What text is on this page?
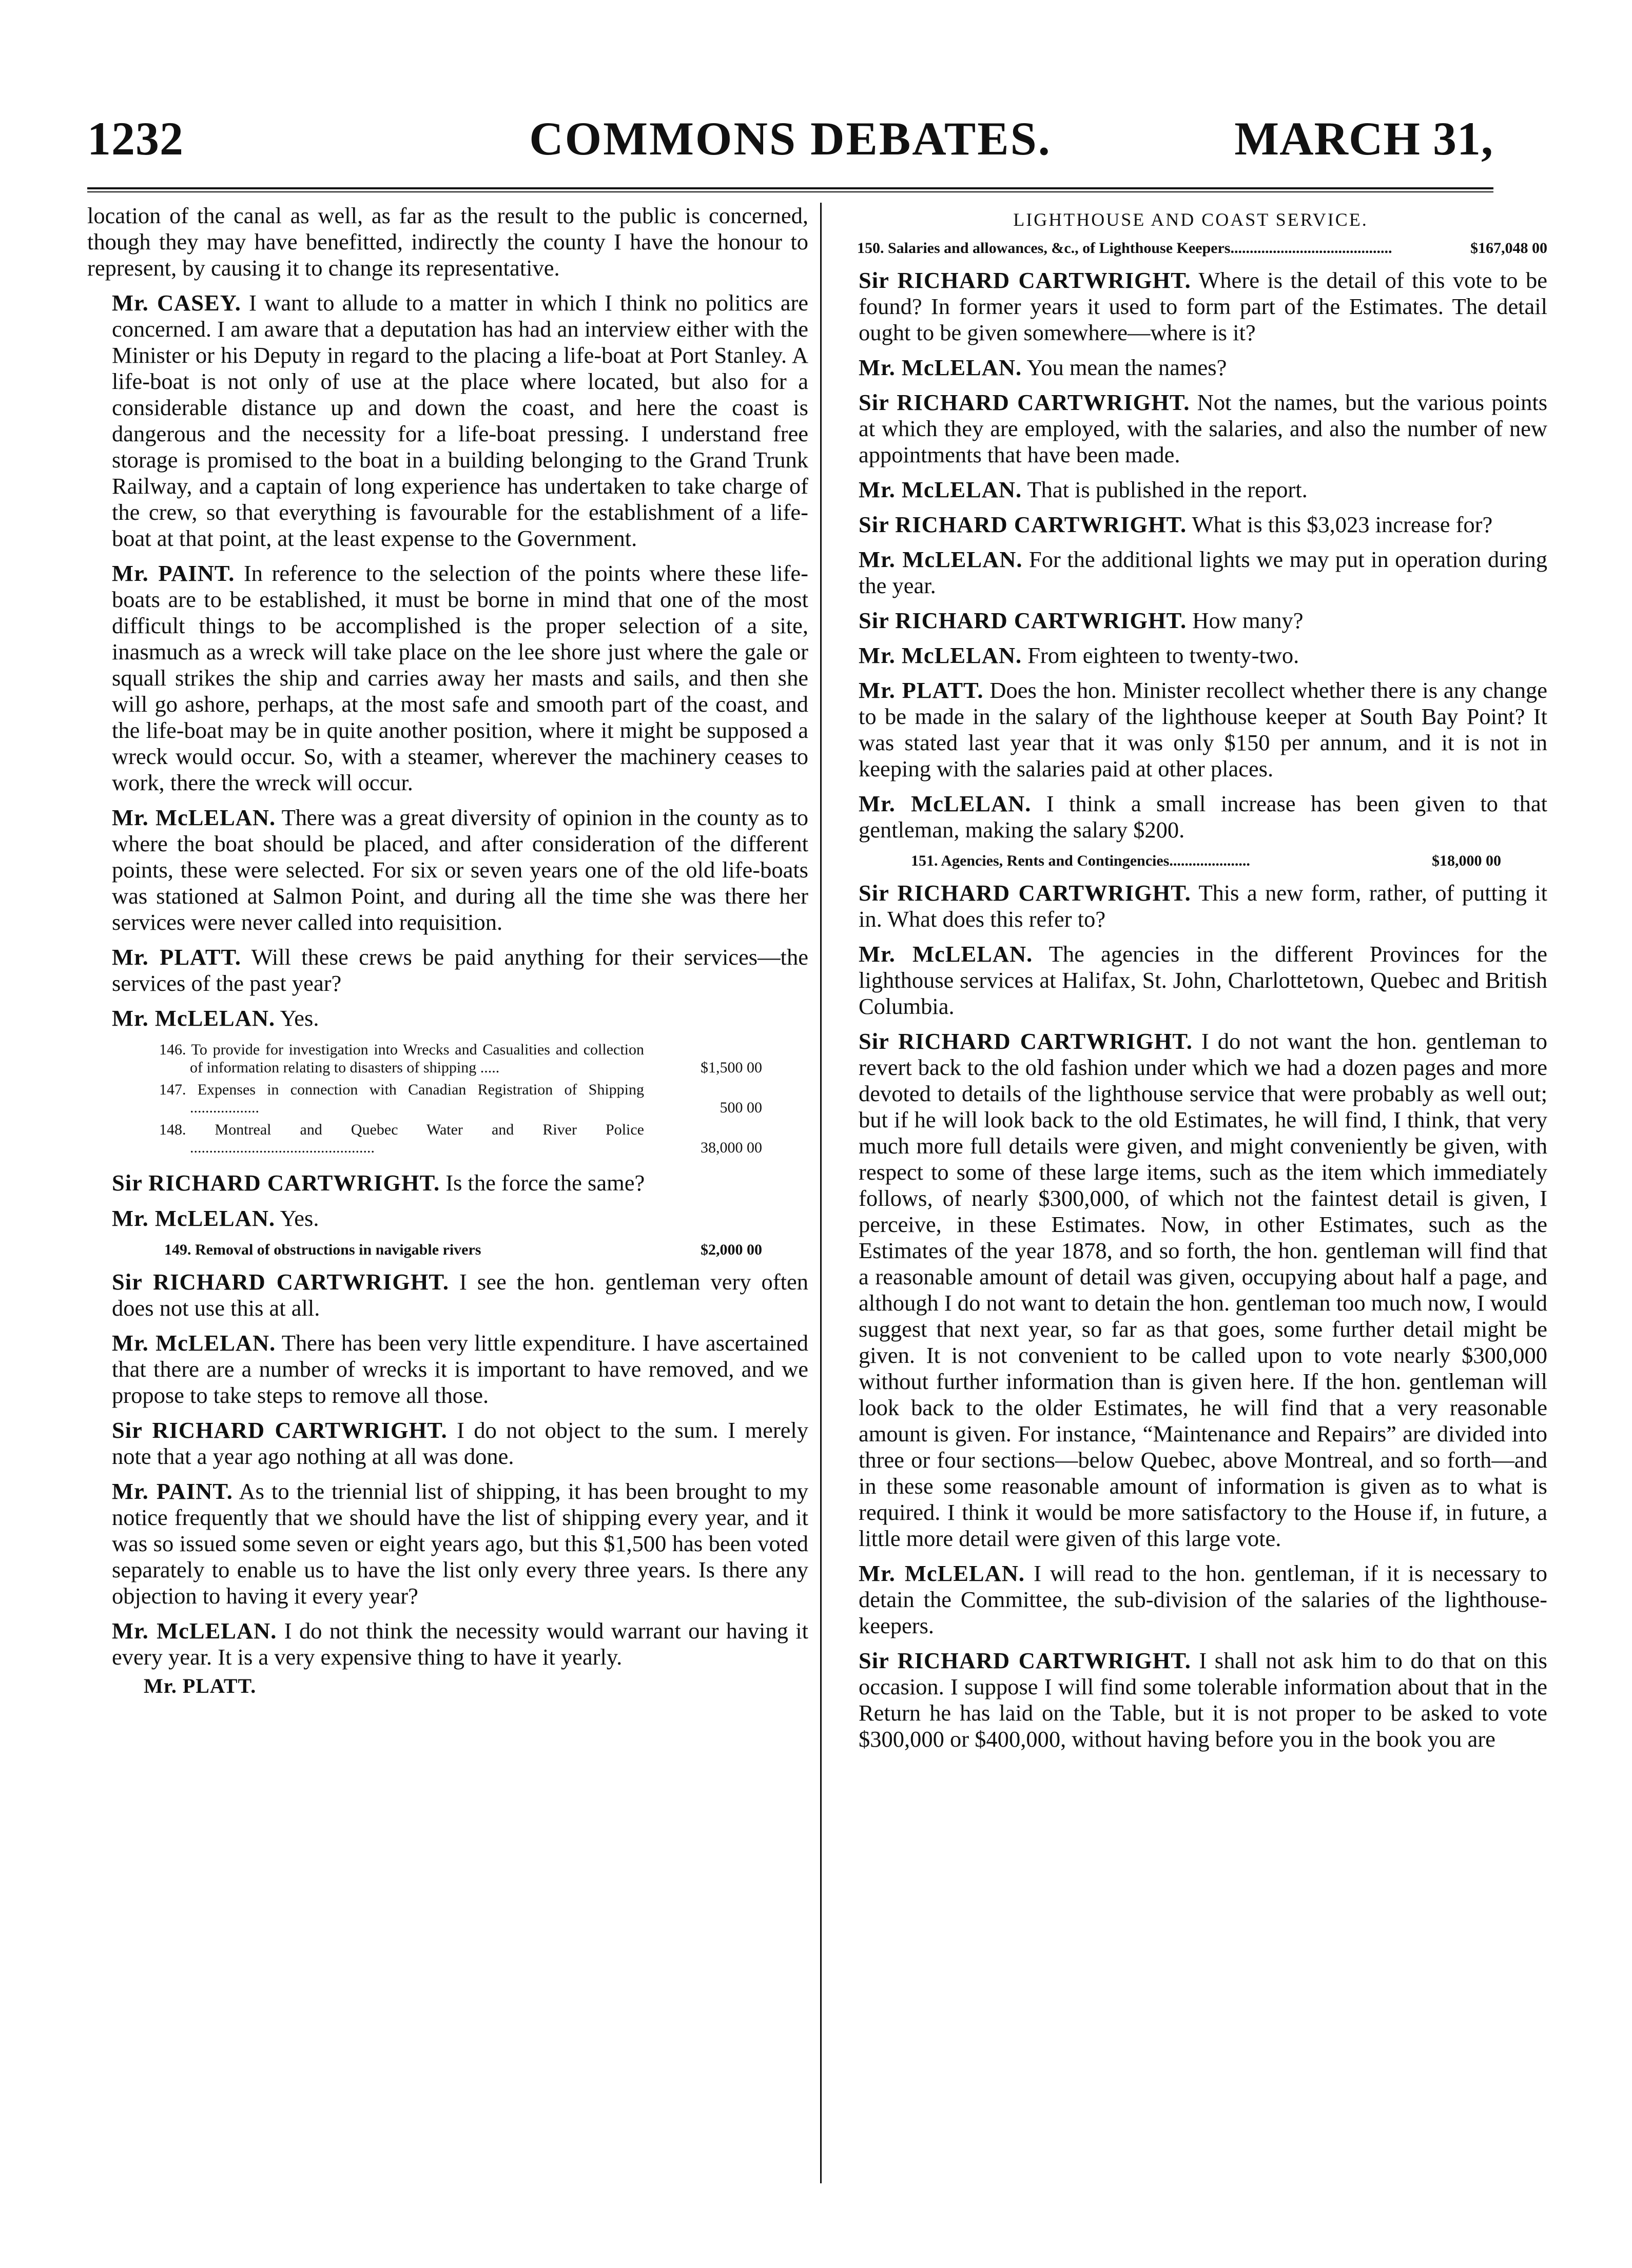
1232	COMMONS DEBATES.	MARCH 31,

location of the canal as well, as far as the result to the public is concerned, though they may have benefitted, indirectly the county I have the honour to represent, by causing it to change its representative.

Mr. CASEY. I want to allude to a matter in which I think no politics are concerned. I am aware that a deputation has had an interview either with the Minister or his Deputy in regard to the placing a life-boat at Port Stanley. A life-boat is not only of use at the place where located, but also for a considerable distance up and down the coast, and here the coast is dangerous and the necessity for a life-boat pressing. I understand free storage is promised to the boat in a building belonging to the Grand Trunk Railway, and a captain of long experience has undertaken to take charge of the crew, so that everything is favourable for the establishment of a life-boat at that point, at the least expense to the Government.

Mr. PAINT. In reference to the selection of the points where these life-boats are to be established, it must be borne in mind that one of the most difficult things to be accomplished is the proper selection of a site, inasmuch as a wreck will take place on the lee shore just where the gale or squall strikes the ship and carries away her masts and sails, and then she will go ashore, perhaps, at the most safe and smooth part of the coast, and the life-boat may be in quite another position, where it might be supposed a wreck would occur. So, with a steamer, wherever the machinery ceases to work, there the wreck will occur.

Mr. McLELAN. There was a great diversity of opinion in the county as to where the boat should be placed, and after consideration of the different points, these were selected. For six or seven years one of the old life-boats was stationed at Salmon Point, and during all the time she was there her services were never called into requisition.

Mr. PLATT. Will these crews be paid anything for their services—the services of the past year?

Mr. McLELAN. Yes.

146. To provide for investigation into Wrecks and Casualities and collection of information relating to disasters of shipping .....	$1,500 00
147. Expenses in connection with Canadian Registration of Shipping ..................	500 00
148. Montreal and Quebec Water and River Police ................................................	38,000 00

Sir RICHARD CARTWRIGHT. Is the force the same?

Mr. McLELAN. Yes.

149. Removal of obstructions in navigable rivers	$2,000 00

Sir RICHARD CARTWRIGHT. I see the hon. gentleman very often does not use this at all.

Mr. McLELAN. There has been very little expenditure. I have ascertained that there are a number of wrecks it is important to have removed, and we propose to take steps to remove all those.

Sir RICHARD CARTWRIGHT. I do not object to the sum. I merely note that a year ago nothing at all was done.

Mr. PAINT. As to the triennial list of shipping, it has been brought to my notice frequently that we should have the list of shipping every year, and it was so issued some seven or eight years ago, but this $1,500 has been voted separately to enable us to have the list only every three years. Is there any objection to having it every year?

Mr. McLELAN. I do not think the necessity would warrant our having it every year. It is a very expensive thing to have it yearly.

Mr. PLATT.
LIGHTHOUSE AND COAST SERVICE.
150. Salaries and allowances, &c., of Lighthouse Keepers..........................................	$167,048 00

Sir RICHARD CARTWRIGHT. Where is the detail of this vote to be found? In former years it used to form part of the Estimates. The detail ought to be given somewhere—where is it?

Mr. McLELAN. You mean the names?

Sir RICHARD CARTWRIGHT. Not the names, but the various points at which they are employed, with the salaries, and also the number of new appointments that have been made.

Mr. McLELAN. That is published in the report.

Sir RICHARD CARTWRIGHT. What is this $3,023 increase for?

Mr. McLELAN. For the additional lights we may put in operation during the year.

Sir RICHARD CARTWRIGHT. How many?

Mr. McLELAN. From eighteen to twenty-two.

Mr. PLATT. Does the hon. Minister recollect whether there is any change to be made in the salary of the lighthouse keeper at South Bay Point? It was stated last year that it was only $150 per annum, and it is not in keeping with the salaries paid at other places.

Mr. McLELAN. I think a small increase has been given to that gentleman, making the salary $200.

151. Agencies, Rents and Contingencies.....................	$18,000 00

Sir RICHARD CARTWRIGHT. This a new form, rather, of putting it in. What does this refer to?

Mr. McLELAN. The agencies in the different Provinces for the lighthouse services at Halifax, St. John, Charlottetown, Quebec and British Columbia.

Sir RICHARD CARTWRIGHT. I do not want the hon. gentleman to revert back to the old fashion under which we had a dozen pages and more devoted to details of the lighthouse service that were probably as well out; but if he will look back to the old Estimates, he will find, I think, that very much more full details were given, and might conveniently be given, with respect to some of these large items, such as the item which immediately follows, of nearly $300,000, of which not the faintest detail is given, I perceive, in these Estimates. Now, in other Estimates, such as the Estimates of the year 1878, and so forth, the hon. gentleman will find that a reasonable amount of detail was given, occupying about half a page, and although I do not want to detain the hon. gentleman too much now, I would suggest that next year, so far as that goes, some further detail might be given. It is not convenient to be called upon to vote nearly $300,000 without further information than is given here. If the hon. gentleman will look back to the older Estimates, he will find that a very reasonable amount is given. For instance, “Maintenance and Repairs” are divided into three or four sections—below Quebec, above Montreal, and so forth—and in these some reasonable amount of information is given as to what is required. I think it would be more satisfactory to the House if, in future, a little more detail were given of this large vote.

Mr. McLELAN. I will read to the hon. gentleman, if it is necessary to detain the Committee, the sub-division of the salaries of the lighthouse-keepers.

Sir RICHARD CARTWRIGHT. I shall not ask him to do that on this occasion. I suppose I will find some tolerable information about that in the Return he has laid on the Table, but it is not proper to be asked to vote $300,000 or $400,000, without having before you in the book you are
